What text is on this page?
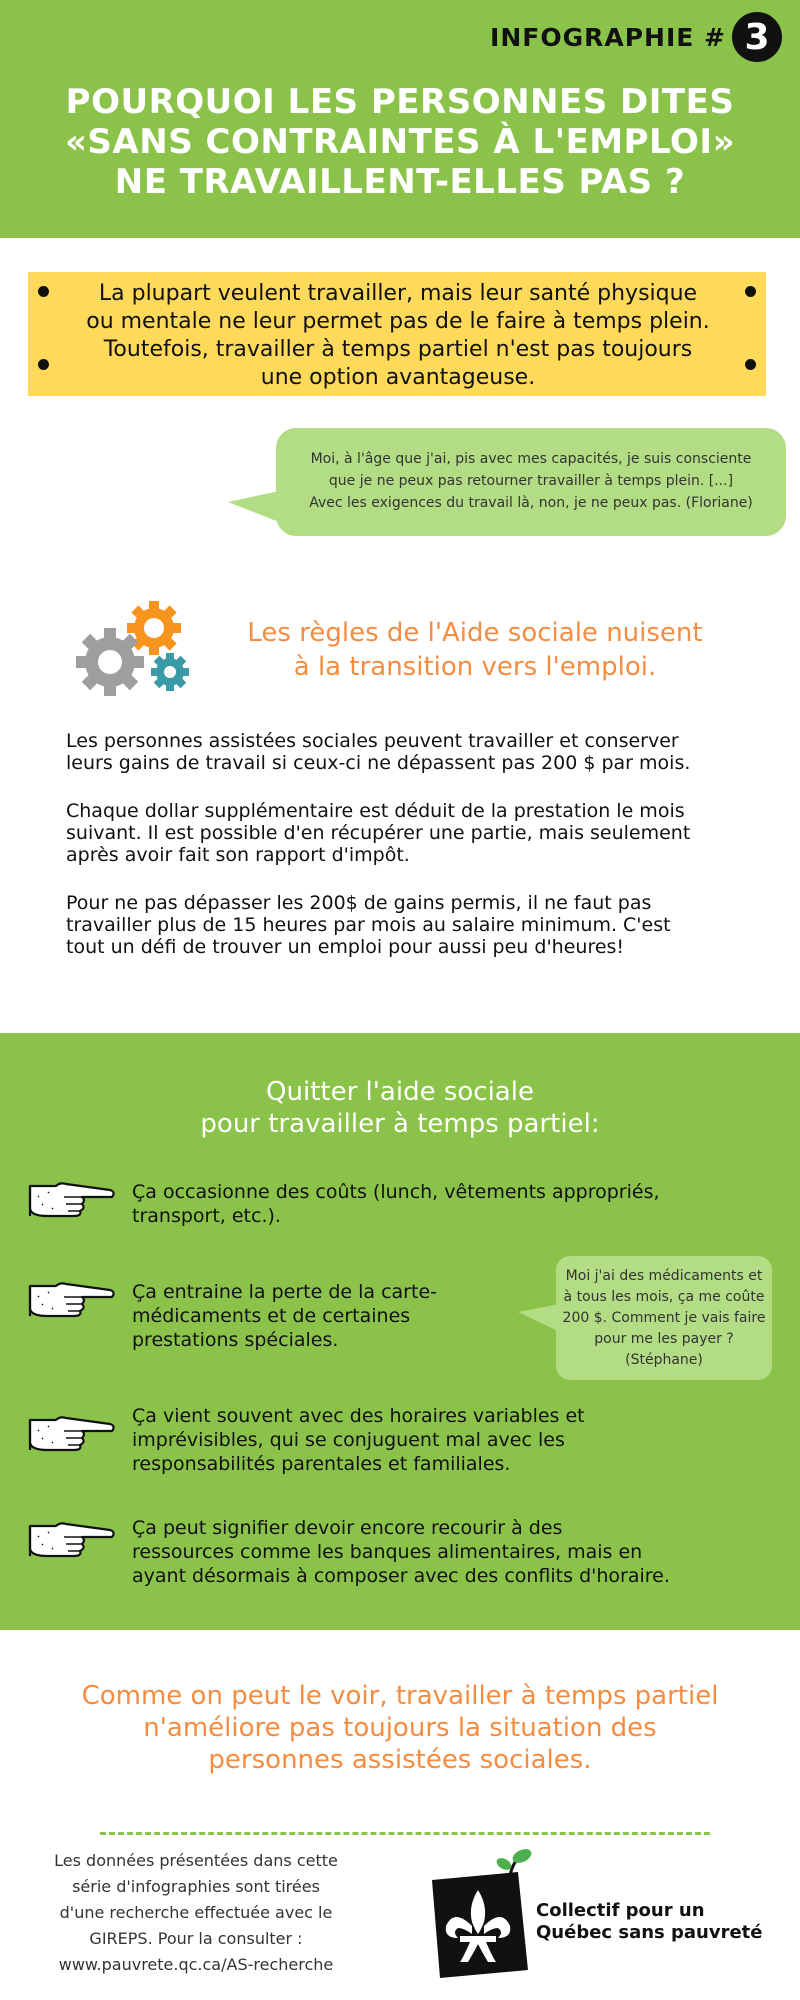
INFOGRAPHIE # 3
POURQUOI LES PERSONNES DITES
«SANS CONTRAINTES À L'EMPLOI»
NE TRAVAILLENT-ELLES PAS ?
La plupart veulent travailler, mais leur santé physique
ou mentale ne leur permet pas de le faire à temps plein.
Toutefois, travailler à temps partiel n'est pas toujours
une option avantageuse.
Moi, à l'âge que j'ai, pis avec mes capacités, je suis consciente
que je ne peux pas retourner travailler à temps plein. [...]
Avec les exigences du travail là, non, je ne peux pas. (Floriane)
Les règles de l'Aide sociale nuisent
à la transition vers l'emploi.
Les personnes assistées sociales peuvent travailler et conserver
leurs gains de travail si ceux-ci ne dépassent pas 200 $ par mois.
Chaque dollar supplémentaire est déduit de la prestation le mois
suivant. Il est possible d'en récupérer une partie, mais seulement
après avoir fait son rapport d'impôt.
Pour ne pas dépasser les 200$ de gains permis, il ne faut pas
travailler plus de 15 heures par mois au salaire minimum. C'est
tout un défi de trouver un emploi pour aussi peu d'heures!
Quitter l'aide sociale
pour travailler à temps partiel:
Ça occasionne des coûts (lunch, vêtements appropriés,
transport, etc.).
Ça entraine la perte de la carte-
médicaments et de certaines
prestations spéciales.
Ça vient souvent avec des horaires variables et
imprévisibles, qui se conjuguent mal avec les
responsabilités parentales et familiales.
Ça peut signifier devoir encore recourir à des
ressources comme les banques alimentaires, mais en
ayant désormais à composer avec des conflits d'horaire.
Moi j'ai des médicaments et
à tous les mois, ça me coûte
200 $. Comment je vais faire
pour me les payer ?
(Stéphane)
Comme on peut le voir, travailler à temps partiel
n'améliore pas toujours la situation des
personnes assistées sociales.
Les données présentées dans cette
série d'infographies sont tirées
d'une recherche effectuée avec le
GIREPS. Pour la consulter :
www.pauvrete.qc.ca/AS-recherche
Collectif pour un
Québec sans pauvreté
